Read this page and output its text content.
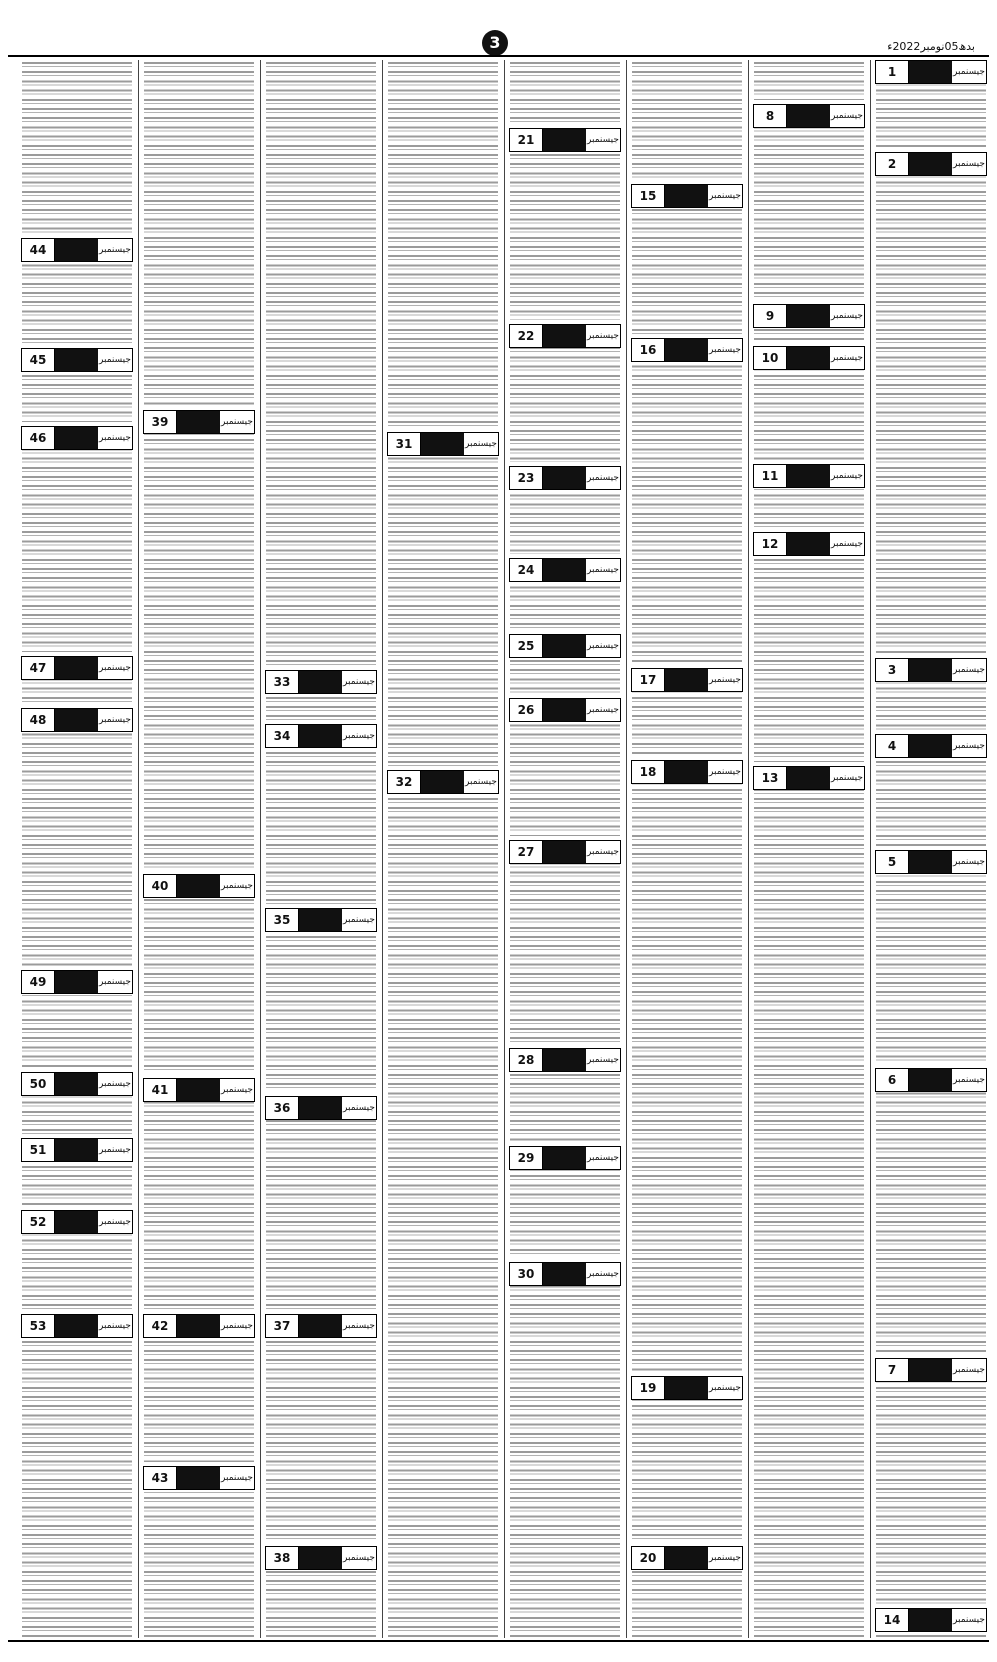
3	بدھ05نومبر2022ء
1	جیسنمبر
2	جیسنمبر
3	جیسنمبر
4	جیسنمبر
5	جیسنمبر
6	جیسنمبر
7	جیسنمبر
14	جیسنمبر
8	جیسنمبر
9	جیسنمبر
10	جیسنمبر
11	جیسنمبر
12	جیسنمبر
13	جیسنمبر
15	جیسنمبر
16	جیسنمبر
17	جیسنمبر
18	جیسنمبر
19	جیسنمبر
20	جیسنمبر
21	جیسنمبر
22	جیسنمبر
23	جیسنمبر
24	جیسنمبر
25	جیسنمبر
26	جیسنمبر
27	جیسنمبر
28	جیسنمبر
29	جیسنمبر
30	جیسنمبر
31	جیسنمبر
32	جیسنمبر
33	جیسنمبر
34	جیسنمبر
35	جیسنمبر
36	جیسنمبر
37	جیسنمبر
38	جیسنمبر
39	جیسنمبر
40	جیسنمبر
41	جیسنمبر
42	جیسنمبر
43	جیسنمبر
44	جیسنمبر
45	جیسنمبر
46	جیسنمبر
47	جیسنمبر
48	جیسنمبر
49	جیسنمبر
50	جیسنمبر
51	جیسنمبر
52	جیسنمبر
53	جیسنمبر
